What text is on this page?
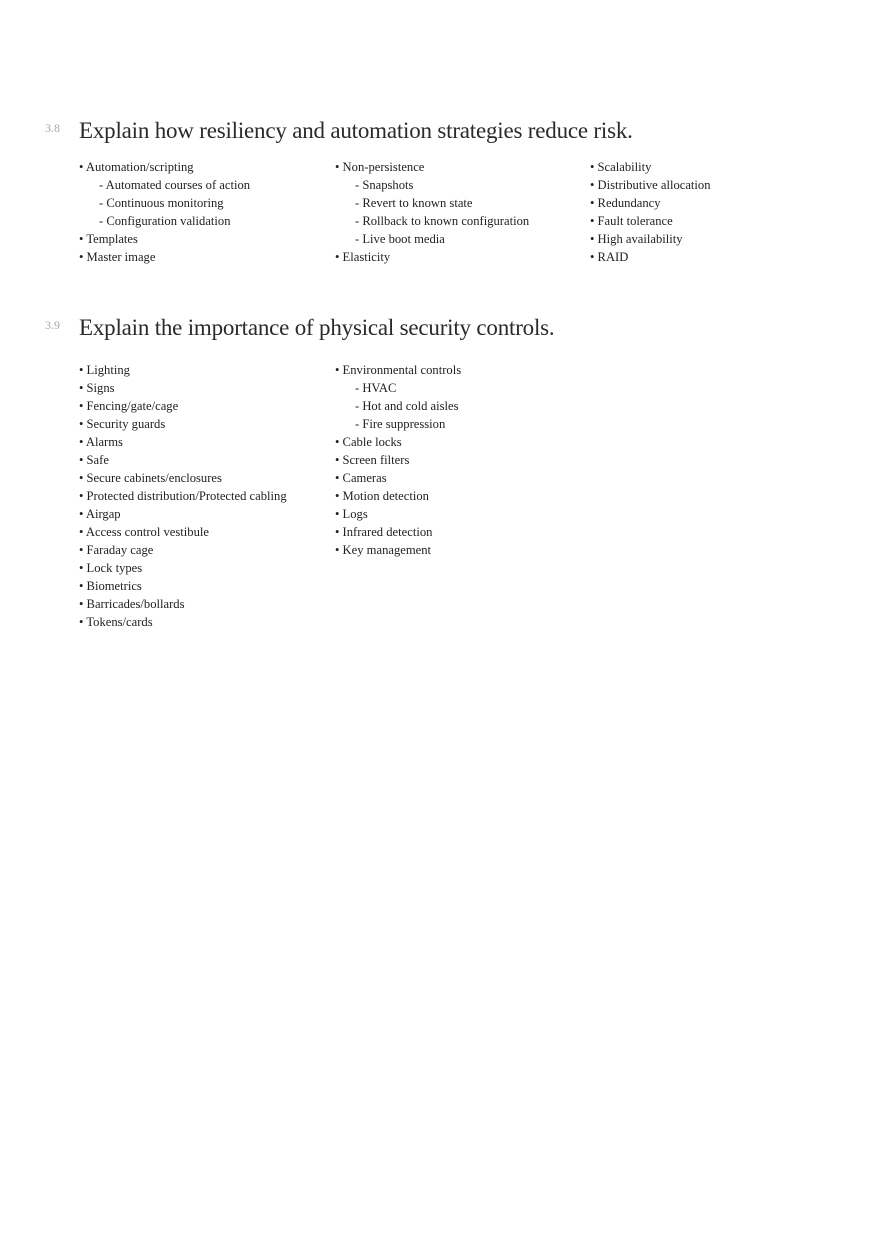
3.8 Explain how resiliency and automation strategies reduce risk.
• Automation/scripting
- Automated courses of action
- Continuous monitoring
- Configuration validation
• Templates
• Master image
• Non-persistence
- Snapshots
- Revert to known state
- Rollback to known configuration
- Live boot media
• Elasticity
• Scalability
• Distributive allocation
• Redundancy
• Fault tolerance
• High availability
• RAID
3.9 Explain the importance of physical security controls.
• Lighting
• Signs
• Fencing/gate/cage
• Security guards
• Alarms
• Safe
• Secure cabinets/enclosures
• Protected distribution/Protected cabling
• Airgap
• Access control vestibule
• Faraday cage
• Lock types
• Biometrics
• Barricades/bollards
• Tokens/cards
• Environmental controls
- HVAC
- Hot and cold aisles
- Fire suppression
• Cable locks
• Screen filters
• Cameras
• Motion detection
• Logs
• Infrared detection
• Key management
